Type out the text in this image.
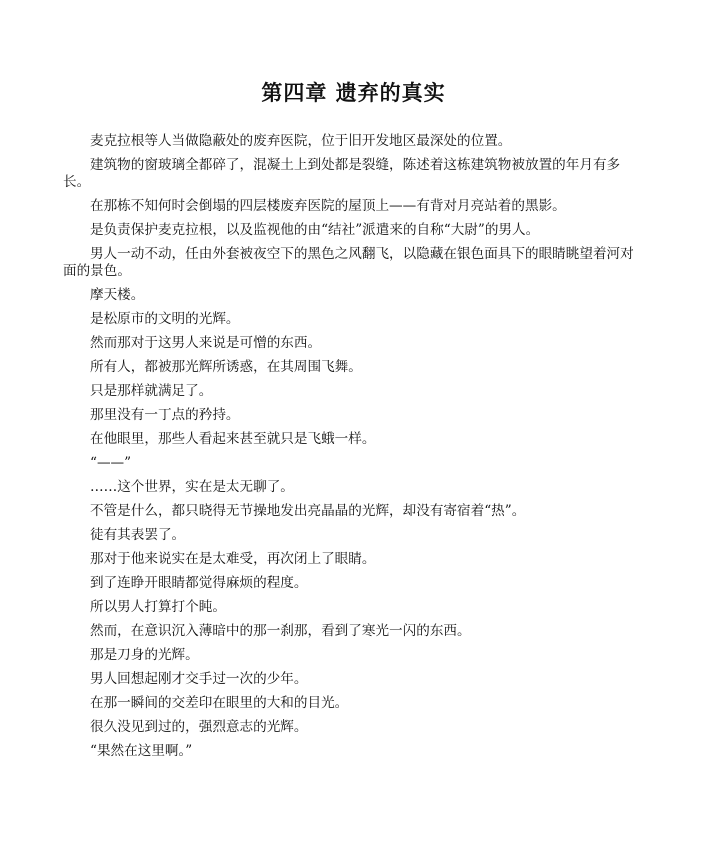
第四章 遗弃的真实

麦克拉根等人当做隐蔽处的废弃医院，位于旧开发地区最深处的位置。

建筑物的窗玻璃全都碎了，混凝土上到处都是裂缝，陈述着这栋建筑物被放置的年月有多长。

在那栋不知何时会倒塌的四层楼废弃医院的屋顶上——有背对月亮站着的黑影。

是负责保护麦克拉根，以及监视他的由“结社”派遣来的自称“大尉”的男人。

男人一动不动，任由外套被夜空下的黑色之风翻飞，以隐藏在银色面具下的眼睛眺望着河对面的景色。

摩天楼。

是松原市的文明的光辉。

然而那对于这男人来说是可憎的东西。

所有人，都被那光辉所诱惑，在其周围飞舞。

只是那样就满足了。

那里没有一丁点的矜持。

在他眼里，那些人看起来甚至就只是飞蛾一样。

“——”

……这个世界，实在是太无聊了。

不管是什么，都只晓得无节操地发出亮晶晶的光辉，却没有寄宿着“热”。

徒有其表罢了。

那对于他来说实在是太难受，再次闭上了眼睛。

到了连睁开眼睛都觉得麻烦的程度。

所以男人打算打个盹。

然而，在意识沉入薄暗中的那一刹那，看到了寒光一闪的东西。

那是刀身的光辉。

男人回想起刚才交手过一次的少年。

在那一瞬间的交差印在眼里的大和的目光。

很久没见到过的，强烈意志的光辉。

“果然在这里啊。”
